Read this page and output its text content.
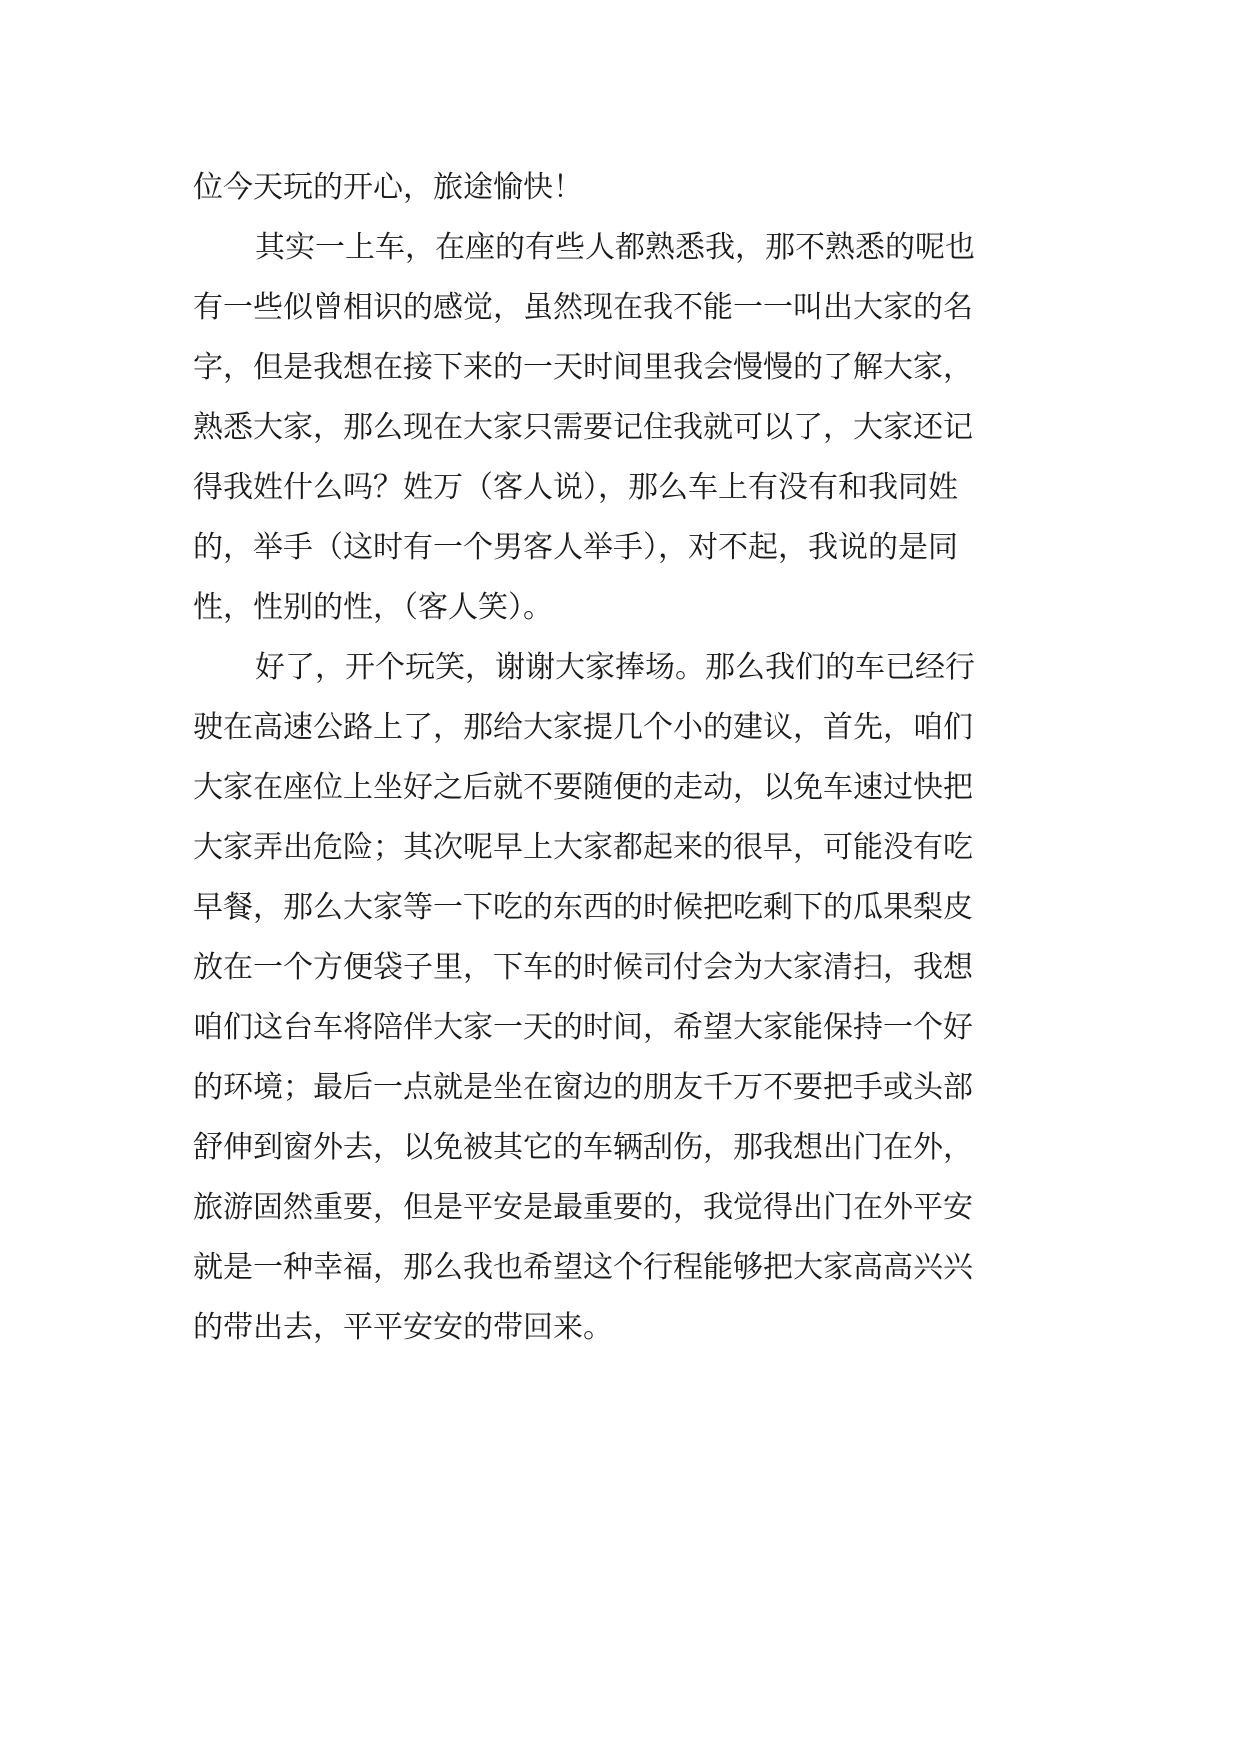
位今天玩的开心，旅途愉快！
其实一上车，在座的有些人都熟悉我，那不熟悉的呢也
有一些似曾相识的感觉，虽然现在我不能一一叫出大家的名
字，但是我想在接下来的一天时间里我会慢慢的了解大家，
熟悉大家，那么现在大家只需要记住我就可以了，大家还记
得我姓什么吗？姓万（客人说），那么车上有没有和我同姓
的，举手（这时有一个男客人举手），对不起，我说的是同
性，性别的性，（客人笑）。
好了，开个玩笑，谢谢大家捧场。那么我们的车已经行
驶在高速公路上了，那给大家提几个小的建议，首先，咱们
大家在座位上坐好之后就不要随便的走动，以免车速过快把
大家弄出危险；其次呢早上大家都起来的很早，可能没有吃
早餐，那么大家等一下吃的东西的时候把吃剩下的瓜果梨皮
放在一个方便袋子里，下车的时候司付会为大家清扫，我想
咱们这台车将陪伴大家一天的时间，希望大家能保持一个好
的环境；最后一点就是坐在窗边的朋友千万不要把手或头部
舒伸到窗外去，以免被其它的车辆刮伤，那我想出门在外，
旅游固然重要，但是平安是最重要的，我觉得出门在外平安
就是一种幸福，那么我也希望这个行程能够把大家高高兴兴
的带出去，平平安安的带回来。
